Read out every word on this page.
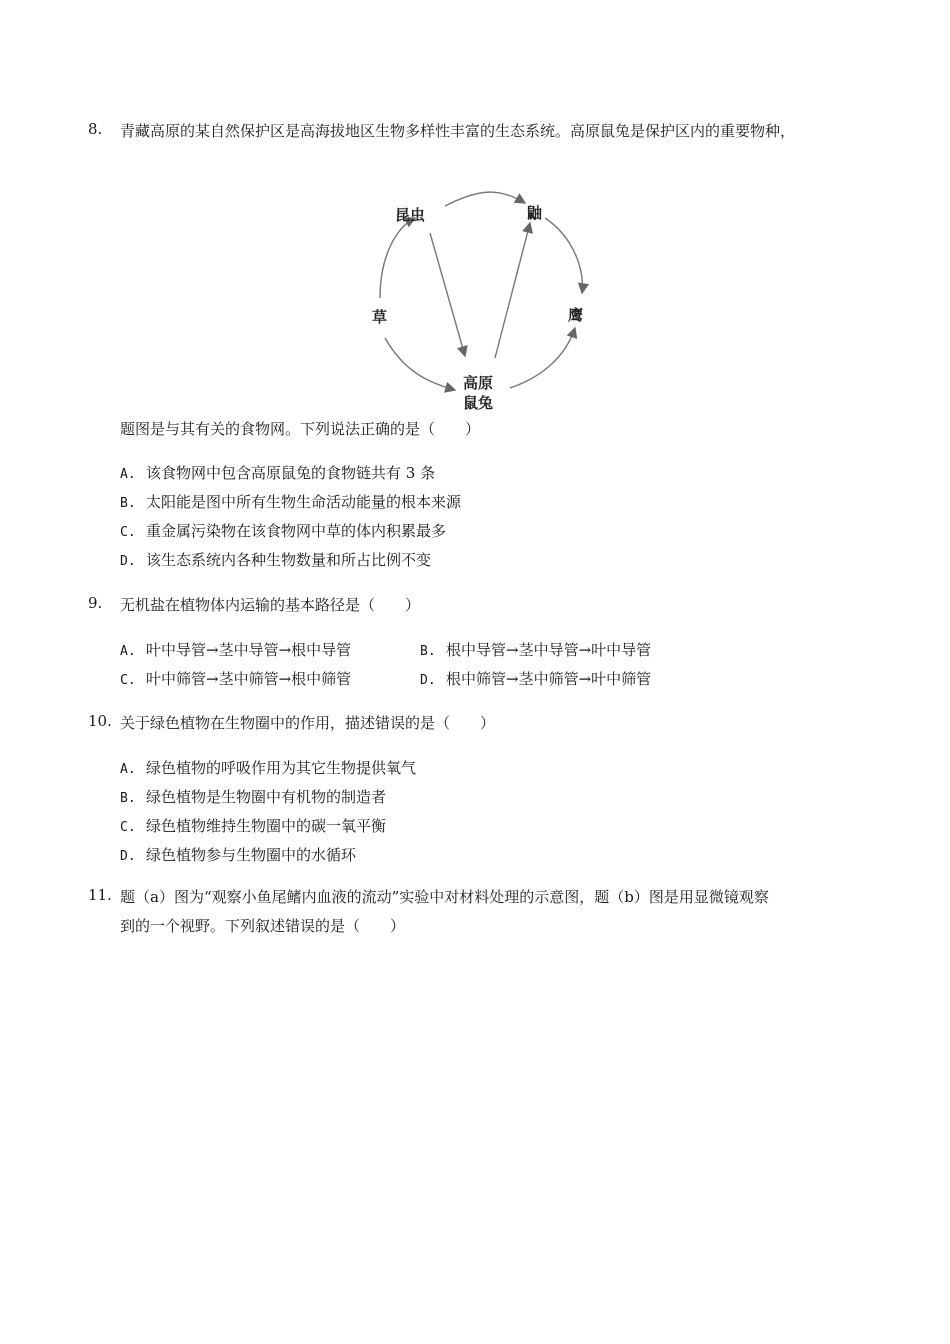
8. 青藏高原的某自然保护区是高海拔地区生物多样性丰富的生态系统。高原鼠兔是保护区内的重要物种，
昆虫	鼬
草	鹰
高原
鼠兔
题图是与其有关的食物网。下列说法正确的是（　　）
A. 该食物网中包含高原鼠兔的食物链共有 3 条
B. 太阳能是图中所有生物生命活动能量的根本来源
C. 重金属污染物在该食物网中草的体内积累最多
D. 该生态系统内各种生物数量和所占比例不变
9. 无机盐在植物体内运输的基本路径是（　　）
A. 叶中导管→茎中导管→根中导管	B. 根中导管→茎中导管→叶中导管
C. 叶中筛管→茎中筛管→根中筛管	D. 根中筛管→茎中筛管→叶中筛管
10. 关于绿色植物在生物圈中的作用，描述错误的是（　　）
A. 绿色植物的呼吸作用为其它生物提供氧气
B. 绿色植物是生物圈中有机物的制造者
C. 绿色植物维持生物圈中的碳一氧平衡
D. 绿色植物参与生物圈中的水循环
11. 题（a）图为“观察小鱼尾鳍内血液的流动”实验中对材料处理的示意图，题（b）图是用显微镜观察
到的一个视野。下列叙述错误的是（　　）
